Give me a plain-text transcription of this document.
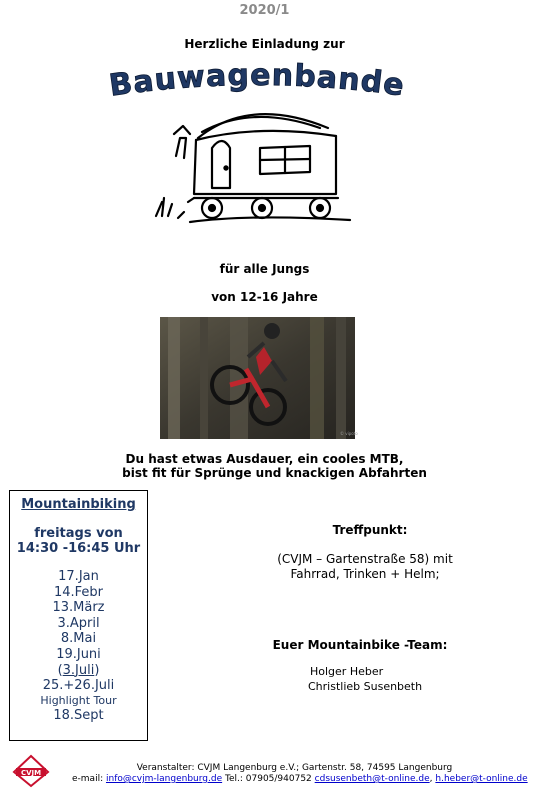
2020/1
Herzliche Einladung zur
Bauwagenbande
für alle Jungs
von 12-16 Jahre
© vipoto
Du hast etwas Ausdauer, ein cooles MTB,
bist fit für Sprünge und knackigen Abfahrten
Mountainbiking
freitags von
14:30 -16:45 Uhr
17.Jan
14.Febr
13.März
3.April
8.Mai
19.Juni
(3.Juli)
25.+26.Juli
Highlight Tour
18.Sept
Treffpunkt:
(CVJM – Gartenstraße 58) mit
Fahrrad, Trinken + Helm;
Euer Mountainbike -Team:
Holger Heber
Christlieb Susenbeth
CVJM	Veranstalter: CVJM Langenburg e.V.; Gartenstr. 58, 74595 Langenburg
e-mail: info@cvjm-langenburg.de Tel.: 07905/940752 cdsusenbeth@t-online.de, h.heber@t-online.de
